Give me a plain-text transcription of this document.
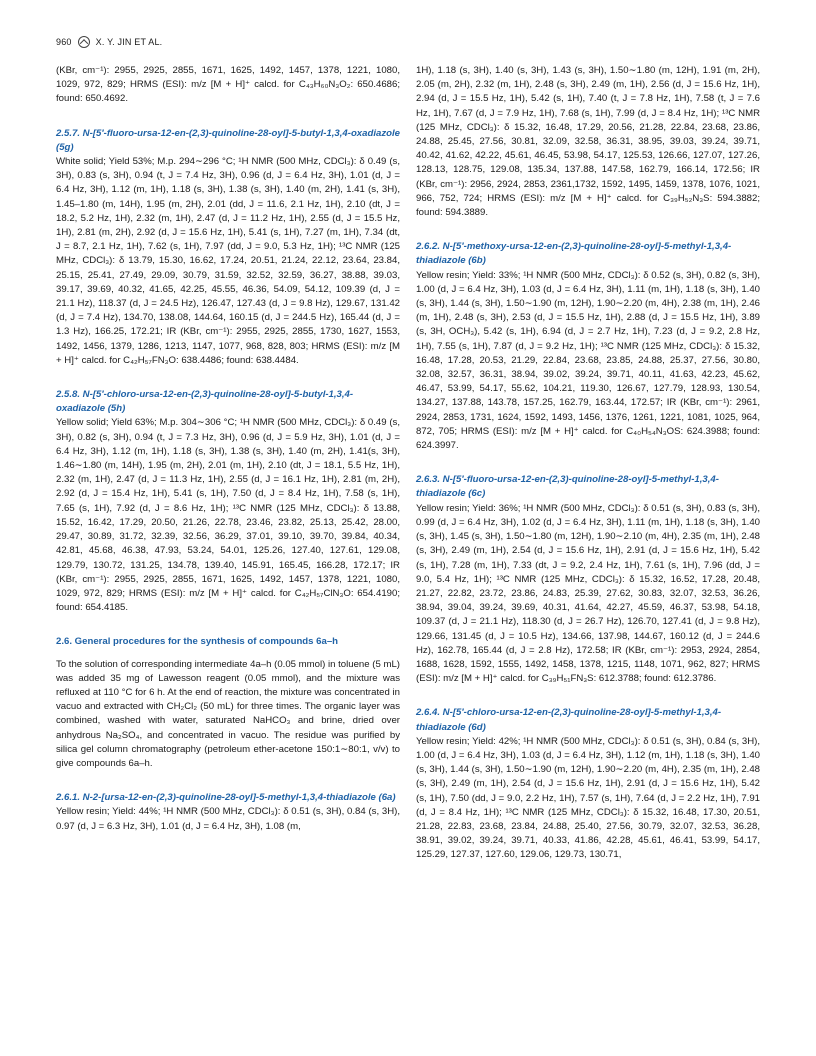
960	X. Y. JIN ET AL.

(KBr, cm⁻¹): 2955, 2925, 2855, 1671, 1625, 1492, 1457, 1378, 1221, 1080, 1029, 972, 829; HRMS (ESI): m/z [M + H]⁺ calcd. for C₄₃H₆₀N₃O₂: 650.4686; found: 650.4692.

2.5.7. N-[5′-fluoro-ursa-12-en-(2,3)-quinoline-28-oyl]-5-butyl-1,3,4-oxadiazole (5g)

White solid; Yield 53%; M.p. 294∼296 °C; ¹H NMR (500 MHz, CDCl₃): δ 0.49 (s, 3H), 0.83 (s, 3H), 0.94 (t, J = 7.4 Hz, 3H), 0.96 (d, J = 6.4 Hz, 3H), 1.01 (d, J = 6.4 Hz, 3H), 1.12 (m, 1H), 1.18 (s, 3H), 1.38 (s, 3H), 1.40 (m, 2H), 1.41 (s, 3H), 1.45–1.80 (m, 14H), 1.95 (m, 2H), 2.01 (dd, J = 11.6, 2.1 Hz, 1H), 2.10 (dt, J = 18.2, 5.2 Hz, 1H), 2.32 (m, 1H), 2.47 (d, J = 11.2 Hz, 1H), 2.55 (d, J = 15.5 Hz, 1H), 2.81 (m, 2H), 2.92 (d, J = 15.6 Hz, 1H), 5.41 (s, 1H), 7.27 (m, 1H), 7.34 (dt, J = 8.7, 2.1 Hz, 1H), 7.62 (s, 1H), 7.97 (dd, J = 9.0, 5.3 Hz, 1H); ¹³C NMR (125 MHz, CDCl₃): δ 13.79, 15.30, 16.62, 17.24, 20.51, 21.24, 22.12, 23.64, 23.84, 25.15, 25.41, 27.49, 29.09, 30.79, 31.59, 32.52, 32.59, 36.27, 38.88, 39.03, 39.17, 39.69, 40.32, 41.65, 42.25, 45.55, 46.36, 54.09, 54.12, 109.39 (d, J = 21.1 Hz), 118.37 (d, J = 24.5 Hz), 126.47, 127.43 (d, J = 9.8 Hz), 129.67, 131.42 (d, J = 7.4 Hz), 134.70, 138.08, 144.64, 160.15 (d, J = 244.5 Hz), 165.44 (d, J = 1.3 Hz), 166.25, 172.21; IR (KBr, cm⁻¹): 2955, 2925, 2855, 1730, 1627, 1553, 1492, 1456, 1379, 1286, 1213, 1147, 1077, 968, 828, 803; HRMS (ESI): m/z [M + H]⁺ calcd. for C₄₂H₅₇FN₃O: 638.4486; found: 638.4484.

2.5.8. N-[5′-chloro-ursa-12-en-(2,3)-quinoline-28-oyl]-5-butyl-1,3,4-oxadiazole (5h)

Yellow solid; Yield 63%; M.p. 304∼306 °C; ¹H NMR (500 MHz, CDCl₃): δ 0.49 (s, 3H), 0.82 (s, 3H), 0.94 (t, J = 7.3 Hz, 3H), 0.96 (d, J = 5.9 Hz, 3H), 1.01 (d, J = 6.4 Hz, 3H), 1.12 (m, 1H), 1.18 (s, 3H), 1.38 (s, 3H), 1.40 (m, 2H), 1.41(s, 3H), 1.46∼1.80 (m, 14H), 1.95 (m, 2H), 2.01 (m, 1H), 2.10 (dt, J = 18.1, 5.5 Hz, 1H), 2.32 (m, 1H), 2.47 (d, J = 11.3 Hz, 1H), 2.55 (d, J = 16.1 Hz, 1H), 2.81 (m, 2H), 2.92 (d, J = 15.4 Hz, 1H), 5.41 (s, 1H), 7.50 (d, J = 8.4 Hz, 1H), 7.58 (s, 1H), 7.65 (s, 1H), 7.92 (d, J = 8.6 Hz, 1H); ¹³C NMR (125 MHz, CDCl₃): δ 13.88, 15.52, 16.42, 17.29, 20.50, 21.26, 22.78, 23.46, 23.82, 25.13, 25.42, 28.00, 29.47, 30.89, 31.72, 32.39, 32.56, 36.29, 37.01, 39.10, 39.70, 39.84, 40.34, 42.81, 45.68, 46.38, 47.93, 53.24, 54.01, 125.26, 127.40, 127.61, 129.08, 129.79, 130.72, 131.25, 134.78, 139.40, 145.91, 165.45, 166.28, 172.17; IR (KBr, cm⁻¹): 2955, 2925, 2855, 1671, 1625, 1492, 1457, 1378, 1221, 1080, 1029, 972, 829; HRMS (ESI): m/z [M + H]⁺ calcd. for C₄₂H₅₇ClN₃O: 654.4190; found: 654.4185.

2.6. General procedures for the synthesis of compounds 6a–h

To the solution of corresponding intermediate 4a–h (0.05 mmol) in toluene (5 mL) was added 35 mg of Lawesson reagent (0.05 mmol), and the mixture was refluxed at 110 °C for 6 h. At the end of reaction, the mixture was concentrated in vacuo and extracted with CH₂Cl₂ (50 mL) for three times. The organic layer was combined, washed with water, saturated NaHCO₃ and brine, dried over anhydrous Na₂SO₄, and concentrated in vacuo. The residue was purified by silica gel column chromatography (petroleum ether-acetone 150:1∼80:1, v/v) to give compounds 6a–h.

2.6.1. N-2-[ursa-12-en-(2,3)-quinoline-28-oyl]-5-methyl-1,3,4-thiadiazole (6a)

Yellow resin; Yield: 44%; ¹H NMR (500 MHz, CDCl₃): δ 0.51 (s, 3H), 0.84 (s, 3H), 0.97 (d, J = 6.3 Hz, 3H), 1.01 (d, J = 6.4 Hz, 3H), 1.08 (m,

1H), 1.18 (s, 3H), 1.40 (s, 3H), 1.43 (s, 3H), 1.50∼1.80 (m, 12H), 1.91 (m, 2H), 2.05 (m, 2H), 2.32 (m, 1H), 2.48 (s, 3H), 2.49 (m, 1H), 2.56 (d, J = 15.6 Hz, 1H), 2.94 (d, J = 15.5 Hz, 1H), 5.42 (s, 1H), 7.40 (t, J = 7.8 Hz, 1H), 7.58 (t, J = 7.6 Hz, 1H), 7.67 (d, J = 7.9 Hz, 1H), 7.68 (s, 1H), 7.99 (d, J = 8.4 Hz, 1H); ¹³C NMR (125 MHz, CDCl₃): δ 15.32, 16.48, 17.29, 20.56, 21.28, 22.84, 23.68, 23.86, 24.88, 25.45, 27.56, 30.81, 32.09, 32.58, 36.31, 38.95, 39.03, 39.24, 39.71, 40.42, 41.62, 42.22, 45.61, 46.45, 53.98, 54.17, 125.53, 126.66, 127.07, 127.26, 128.13, 128.75, 129.08, 135.34, 137.88, 147.58, 162.79, 166.14, 172.56; IR (KBr, cm⁻¹): 2956, 2924, 2853, 2361,1732, 1592, 1495, 1459, 1378, 1076, 1021, 966, 752, 724; HRMS (ESI): m/z [M + H]⁺ calcd. for C₃₉H₅₂N₃S: 594.3882; found: 594.3889.

2.6.2. N-[5′-methoxy-ursa-12-en-(2,3)-quinoline-28-oyl]-5-methyl-1,3,4-thiadiazole (6b)

Yellow resin; Yield: 33%; ¹H NMR (500 MHz, CDCl₃): δ 0.52 (s, 3H), 0.82 (s, 3H), 1.00 (d, J = 6.4 Hz, 3H), 1.03 (d, J = 6.4 Hz, 3H), 1.11 (m, 1H), 1.18 (s, 3H), 1.40 (s, 3H), 1.44 (s, 3H), 1.50∼1.90 (m, 12H), 1.90∼2.20 (m, 4H), 2.38 (m, 1H), 2.46 (m, 1H), 2.48 (s, 3H), 2.53 (d, J = 15.5 Hz, 1H), 2.88 (d, J = 15.5 Hz, 1H), 3.89 (s, 3H, OCH₃), 5.42 (s, 1H), 6.94 (d, J = 2.7 Hz, 1H), 7.23 (d, J = 9.2, 2.8 Hz, 1H), 7.55 (s, 1H), 7.87 (d, J = 9.2 Hz, 1H); ¹³C NMR (125 MHz, CDCl₃): δ 15.32, 16.48, 17.28, 20.53, 21.29, 22.84, 23.68, 23.85, 24.88, 25.37, 27.56, 30.80, 32.08, 32.57, 36.31, 38.94, 39.02, 39.24, 39.71, 40.11, 41.63, 42.23, 45.62, 46.47, 53.99, 54.17, 55.62, 104.21, 119.30, 126.67, 127.79, 128.93, 130.54, 134.27, 137.88, 143.78, 157.25, 162.79, 163.44, 172.57; IR (KBr, cm⁻¹): 2961, 2924, 2853, 1731, 1624, 1592, 1493, 1456, 1376, 1261, 1221, 1081, 1025, 964, 872, 705; HRMS (ESI): m/z [M + H]⁺ calcd. for C₄₀H₅₄N₃OS: 624.3988; found: 624.3997.

2.6.3. N-[5′-fluoro-ursa-12-en-(2,3)-quinoline-28-oyl]-5-methyl-1,3,4-thiadiazole (6c)

Yellow resin; Yield: 36%; ¹H NMR (500 MHz, CDCl₃): δ 0.51 (s, 3H), 0.83 (s, 3H), 0.99 (d, J = 6.4 Hz, 3H), 1.02 (d, J = 6.4 Hz, 3H), 1.11 (m, 1H), 1.18 (s, 3H), 1.40 (s, 3H), 1.45 (s, 3H), 1.50∼1.80 (m, 12H), 1.90∼2.10 (m, 4H), 2.35 (m, 1H), 2.48 (s, 3H), 2.49 (m, 1H), 2.54 (d, J = 15.6 Hz, 1H), 2.91 (d, J = 15.6 Hz, 1H), 5.42 (s, 1H), 7.28 (m, 1H), 7.33 (dt, J = 9.2, 2.4 Hz, 1H), 7.61 (s, 1H), 7.96 (dd, J = 9.0, 5.4 Hz, 1H); ¹³C NMR (125 MHz, CDCl₃): δ 15.32, 16.52, 17.28, 20.48, 21.27, 22.82, 23.72, 23.86, 24.83, 25.39, 27.62, 30.83, 32.07, 32.53, 36.26, 38.94, 39.04, 39.24, 39.69, 40.31, 41.64, 42.27, 45.59, 46.37, 53.98, 54.18, 109.37 (d, J = 21.1 Hz), 118.30 (d, J = 26.7 Hz), 126.70, 127.41 (d, J = 9.8 Hz), 129.66, 131.45 (d, J = 10.5 Hz), 134.66, 137.98, 144.67, 160.12 (d, J = 244.6 Hz), 162.78, 165.44 (d, J = 2.8 Hz), 172.58; IR (KBr, cm⁻¹): 2953, 2924, 2854, 1688, 1628, 1592, 1555, 1492, 1458, 1378, 1215, 1148, 1071, 962, 827; HRMS (ESI): m/z [M + H]⁺ calcd. for C₃₉H₅₁FN₃S: 612.3788; found: 612.3786.

2.6.4. N-[5′-chloro-ursa-12-en-(2,3)-quinoline-28-oyl]-5-methyl-1,3,4-thiadiazole (6d)

Yellow resin; Yield: 42%; ¹H NMR (500 MHz, CDCl₃): δ 0.51 (s, 3H), 0.84 (s, 3H), 1.00 (d, J = 6.4 Hz, 3H), 1.03 (d, J = 6.4 Hz, 3H), 1.12 (m, 1H), 1.18 (s, 3H), 1.40 (s, 3H), 1.44 (s, 3H), 1.50∼1.90 (m, 12H), 1.90∼2.20 (m, 4H), 2.35 (m, 1H), 2.48 (s, 3H), 2.49 (m, 1H), 2.54 (d, J = 15.6 Hz, 1H), 2.91 (d, J = 15.6 Hz, 1H), 5.42 (s, 1H), 7.50 (dd, J = 9.0, 2.2 Hz, 1H), 7.57 (s, 1H), 7.64 (d, J = 2.2 Hz, 1H), 7.91 (d, J = 8.4 Hz, 1H); ¹³C NMR (125 MHz, CDCl₃): δ 15.32, 16.48, 17.30, 20.51, 21.28, 22.83, 23.68, 23.84, 24.88, 25.40, 27.56, 30.79, 32.07, 32.53, 36.28, 38.91, 39.02, 39.24, 39.71, 40.33, 41.86, 42.28, 45.61, 46.41, 53.99, 54.17, 125.29, 127.37, 127.60, 129.06, 129.73, 130.71,
